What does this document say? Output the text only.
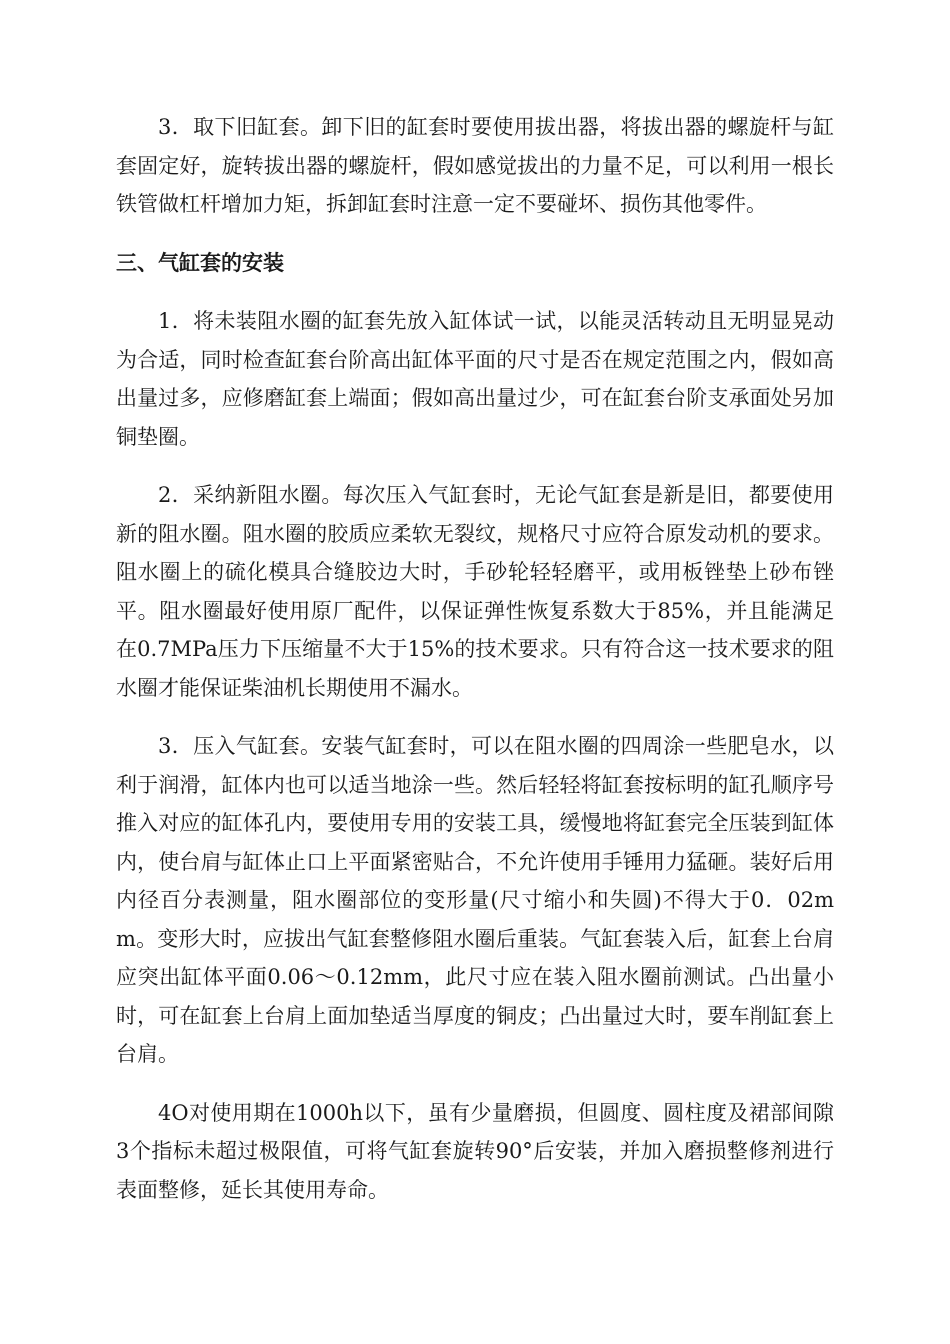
3．取下旧缸套。卸下旧的缸套时要使用拔出器，将拔出器的螺旋杆与缸套固定好，旋转拔出器的螺旋杆，假如感觉拔出的力量不足，可以利用一根长铁管做杠杆增加力矩，拆卸缸套时注意一定不要碰坏、损伤其他零件。

三、气缸套的安装

1．将未装阻水圈的缸套先放入缸体试一试，以能灵活转动且无明显晃动为合适，同时检查缸套台阶高出缸体平面的尺寸是否在规定范围之内，假如高出量过多，应修磨缸套上端面；假如高出量过少，可在缸套台阶支承面处另加铜垫圈。

2．采纳新阻水圈。每次压入气缸套时，无论气缸套是新是旧，都要使用新的阻水圈。阻水圈的胶质应柔软无裂纹，规格尺寸应符合原发动机的要求。阻水圈上的硫化模具合缝胶边大时，手砂轮轻轻磨平，或用板锉垫上砂布锉平。阻水圈最好使用原厂配件，以保证弹性恢复系数大于85%，并且能满足在0.7MPa压力下压缩量不大于15%的技术要求。只有符合这一技术要求的阻水圈才能保证柴油机长期使用不漏水。

3．压入气缸套。安装气缸套时，可以在阻水圈的四周涂一些肥皂水，以利于润滑，缸体内也可以适当地涂一些。然后轻轻将缸套按标明的缸孔顺序号推入对应的缸体孔内，要使用专用的安装工具，缓慢地将缸套完全压装到缸体内，使台肩与缸体止口上平面紧密贴合，不允许使用手锤用力猛砸。装好后用内径百分表测量，阻水圈部位的变形量(尺寸缩小和失圆)不得大于0．02mm。变形大时，应拔出气缸套整修阻水圈后重装。气缸套装入后，缸套上台肩应突出缸体平面0.06～0.12mm，此尺寸应在装入阻水圈前测试。凸出量小时，可在缸套上台肩上面加垫适当厚度的铜皮；凸出量过大时，要车削缸套上台肩。

4O对使用期在1000h以下，虽有少量磨损，但圆度、圆柱度及裙部间隙3个指标未超过极限值，可将气缸套旋转90°后安装，并加入磨损整修剂进行表面整修，延长其使用寿命。
